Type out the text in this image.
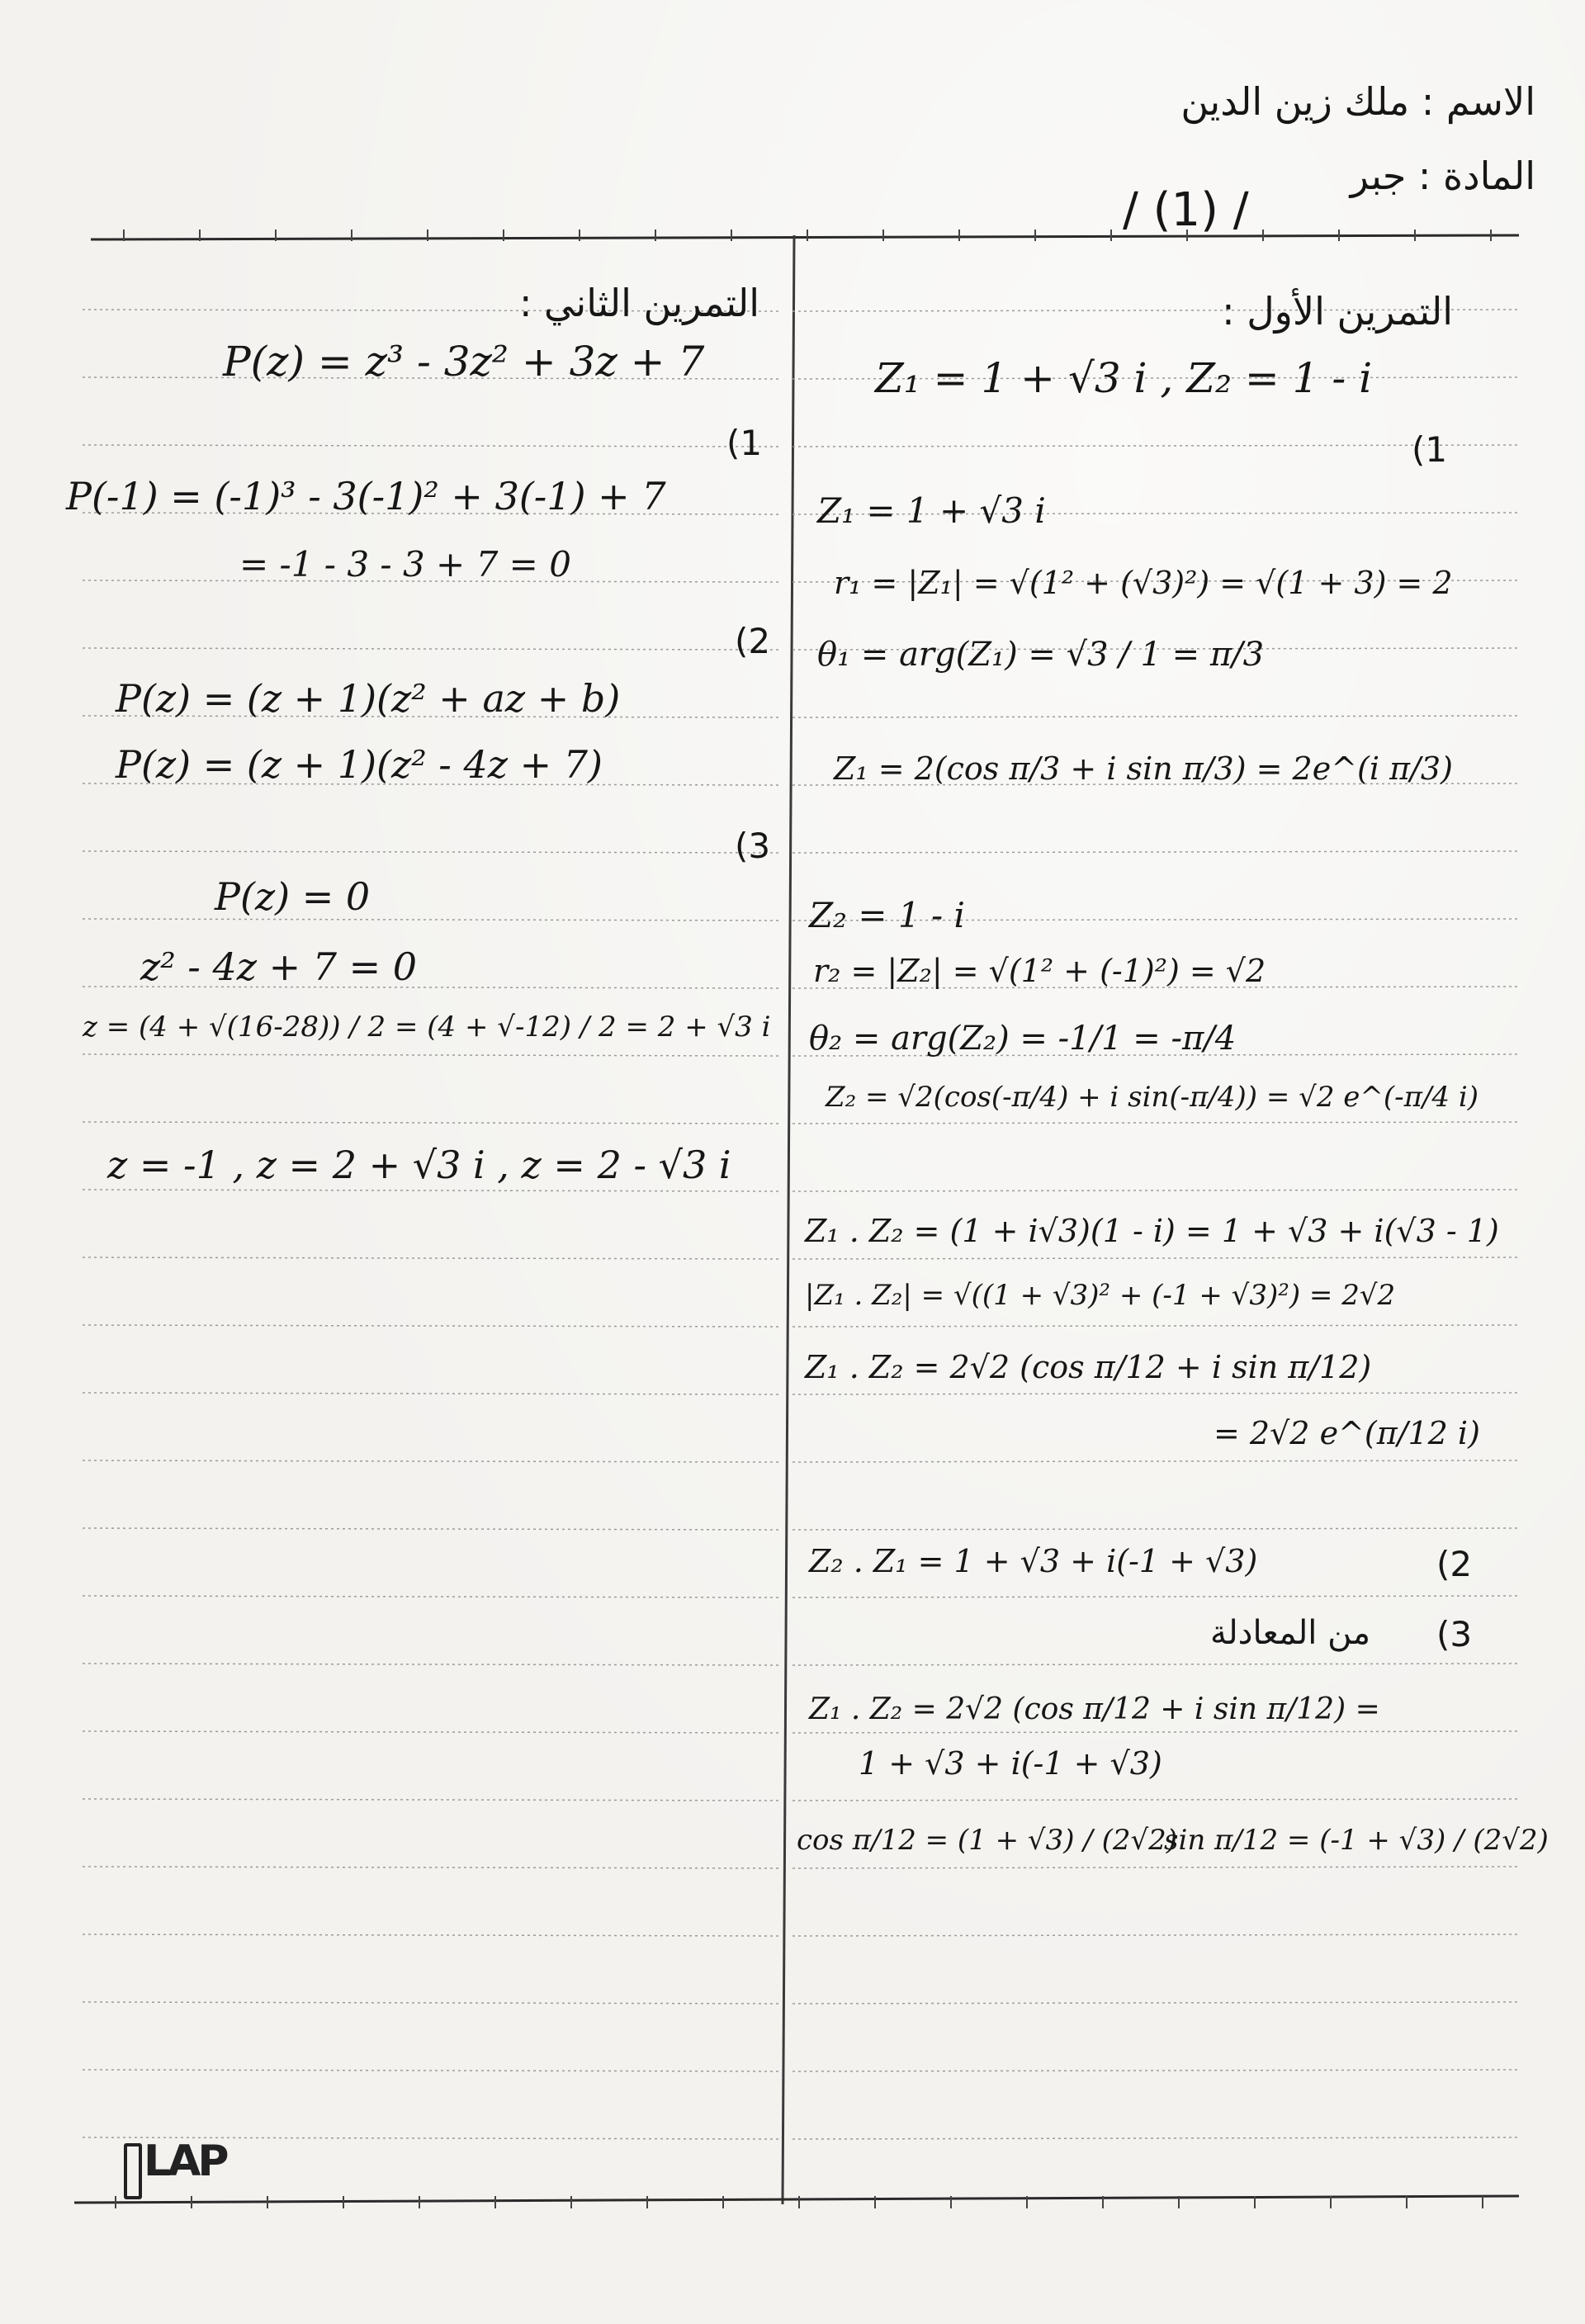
الاسم : ملك زين الدين
المادة : جبر
/ (1) /
التمرين الثاني :
P(z) = z³ - 3z² + 3z + 7
(1
P(-1) = (-1)³ - 3(-1)² + 3(-1) + 7
= -1 - 3 - 3 + 7 = 0
(2
P(z) = (z + 1)(z² + az + b)
P(z) = (z + 1)(z² - 4z + 7)
(3
P(z) = 0
z² - 4z + 7 = 0
z = (4 + √(16-28)) / 2 = (4 + √-12) / 2 = 2 + √3 i
z = -1 , z = 2 + √3 i , z = 2 - √3 i
التمرين الأول :
Z₁ = 1 + √3 i , Z₂ = 1 - i
(1
Z₁ = 1 + √3 i
r₁ = |Z₁| = √(1² + (√3)²) = √(1 + 3) = 2
θ₁ = arg(Z₁) = √3 / 1 = π/3
Z₁ = 2(cos π/3 + i sin π/3) = 2e^(i π/3)
Z₂ = 1 - i
r₂ = |Z₂| = √(1² + (-1)²) = √2
θ₂ = arg(Z₂) = -1/1 = -π/4
Z₂ = √2(cos(-π/4) + i sin(-π/4)) = √2 e^(-π/4 i)
Z₁ . Z₂ = (1 + i√3)(1 - i) = 1 + √3 + i(√3 - 1)
|Z₁ . Z₂| = √((1 + √3)² + (-1 + √3)²) = 2√2
Z₁ . Z₂ = 2√2 (cos π/12 + i sin π/12)
= 2√2 e^(π/12 i)
Z₂ . Z₁ = 1 + √3 + i(-1 + √3)	(2
(3
من المعادلة
Z₁ . Z₂ = 2√2 (cos π/12 + i sin π/12) =
1 + √3 + i(-1 + √3)
cos π/12 = (1 + √3) / (2√2)
sin π/12 = (-1 + √3) / (2√2)
LAP
